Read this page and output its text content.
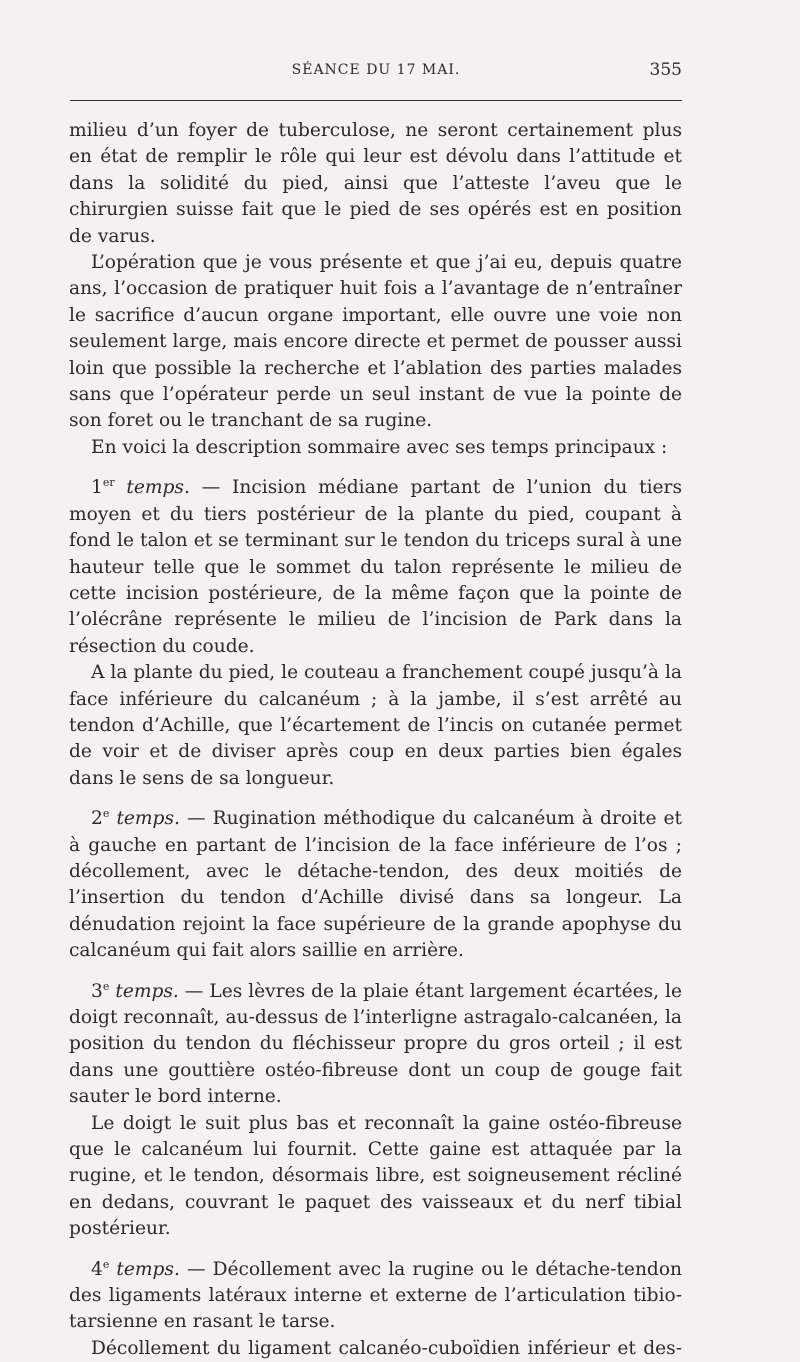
SÉANCE DU 17 MAI.	355

milieu d’un foyer de tuberculose, ne seront certainement plus en état de remplir le rôle qui leur est dévolu dans l’attitude et dans la solidité du pied, ainsi que l’atteste l’aveu que le chirurgien suisse fait que le pied de ses opérés est en position de varus.

L’opération que je vous présente et que j’ai eu, depuis quatre ans, l’occasion de pratiquer huit fois a l’avantage de n’entraîner le sacrifice d’aucun organe important, elle ouvre une voie non seulement large, mais encore directe et permet de pousser aussi loin que possible la recherche et l’ablation des parties malades sans que l’opérateur perde un seul instant de vue la pointe de son foret ou le tranchant de sa rugine.

En voici la description sommaire avec ses temps principaux :

1er temps. — Incision médiane partant de l’union du tiers moyen et du tiers postérieur de la plante du pied, coupant à fond le talon et se terminant sur le tendon du triceps sural à une hauteur telle que le sommet du talon représente le milieu de cette incision postérieure, de la même façon que la pointe de l’olécrâne représente le milieu de l’incision de Park dans la résection du coude.

A la plante du pied, le couteau a franchement coupé jusqu’à la face inférieure du calcanéum ; à la jambe, il s’est arrêté au tendon d’Achille, que l’écartement de l’incis on cutanée permet de voir et de diviser après coup en deux parties bien égales dans le sens de sa longueur.

2e temps. — Rugination méthodique du calcanéum à droite et à gauche en partant de l’incision de la face inférieure de l’os ; décollement, avec le détache-tendon, des deux moitiés de l’insertion du tendon d’Achille divisé dans sa longeur. La dénudation rejoint la face supérieure de la grande apophyse du calcanéum qui fait alors saillie en arrière.

3e temps. — Les lèvres de la plaie étant largement écartées, le doigt reconnaît, au-dessus de l’interligne astragalo-calcanéen, la position du tendon du fléchisseur propre du gros orteil ; il est dans une gouttière ostéo-fibreuse dont un coup de gouge fait sauter le bord interne.

Le doigt le suit plus bas et reconnaît la gaine ostéo-fibreuse que le calcanéum lui fournit. Cette gaine est attaquée par la rugine, et le tendon, désormais libre, est soigneusement récliné en dedans, couvrant le paquet des vaisseaux et du nerf tibial postérieur.

4e temps. — Décollement avec la rugine ou le détache-tendon des ligaments latéraux interne et externe de l’articulation tibio-tarsienne en rasant le tarse.

Décollement du ligament calcanéo-cuboïdien inférieur et des-
